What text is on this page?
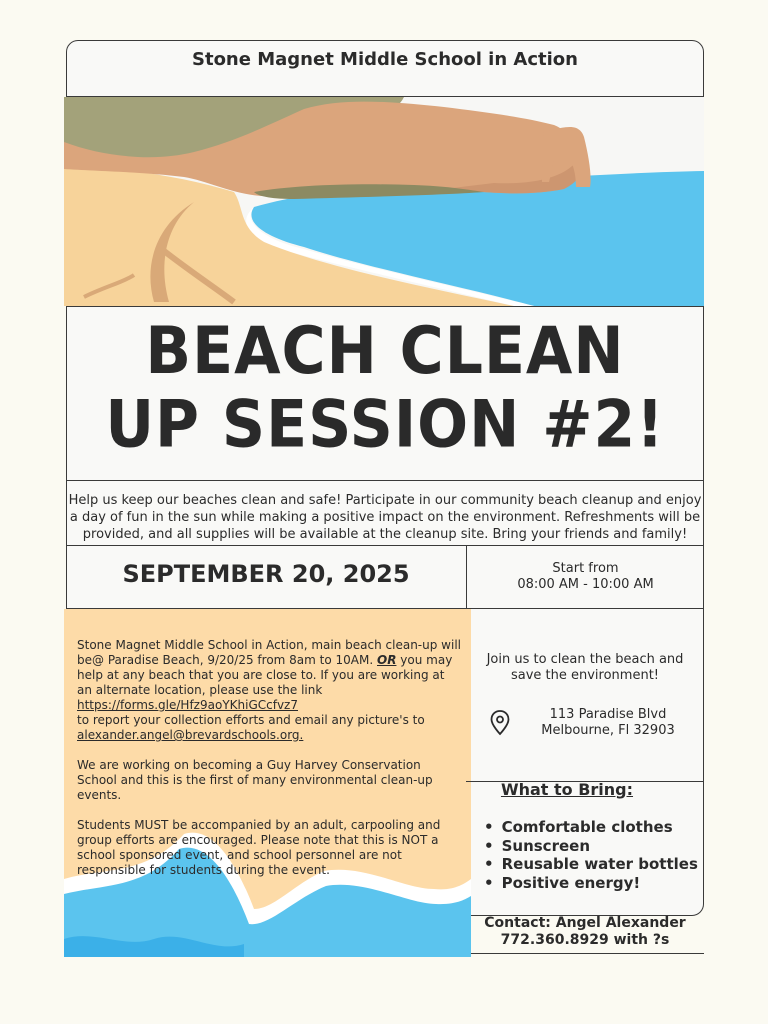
Stone Magnet Middle School in Action
BEACH CLEAN
UP SESSION #2!
Help us keep our beaches clean and safe! Participate in our community beach cleanup and enjoy a day of fun in the sun while making a positive impact on the environment. Refreshments will be provided, and all supplies will be available at the cleanup site. Bring your friends and family!
SEPTEMBER 20, 2025	Start from
08:00 AM - 10:00 AM

Stone Magnet Middle School in Action, main beach clean-up will be@ Paradise Beach, 9/20/25 from 8am to 10AM. OR you may help at any beach that you are close to. If you are working at an alternate location, please use the link
https://forms.gle/Hfz9aoYKhiGCcfvz7
to report your collection efforts and email any picture's to
alexander.angel@brevardschools.org.

We are working on becoming a Guy Harvey Conservation School and this is the first of many environmental clean-up events.

Students MUST be accompanied by an adult, carpooling and group efforts are encouraged. Please note that this is NOT a school sponsored event, and school personnel are not responsible for students during the event.

Join us to clean the beach and save the environment!
113 Paradise Blvd
Melbourne, Fl 32903
What to Bring:
• Comfortable clothes
• Sunscreen
• Reusable water bottles
• Positive energy!
Contact: Angel Alexander
772.360.8929 with ?s
